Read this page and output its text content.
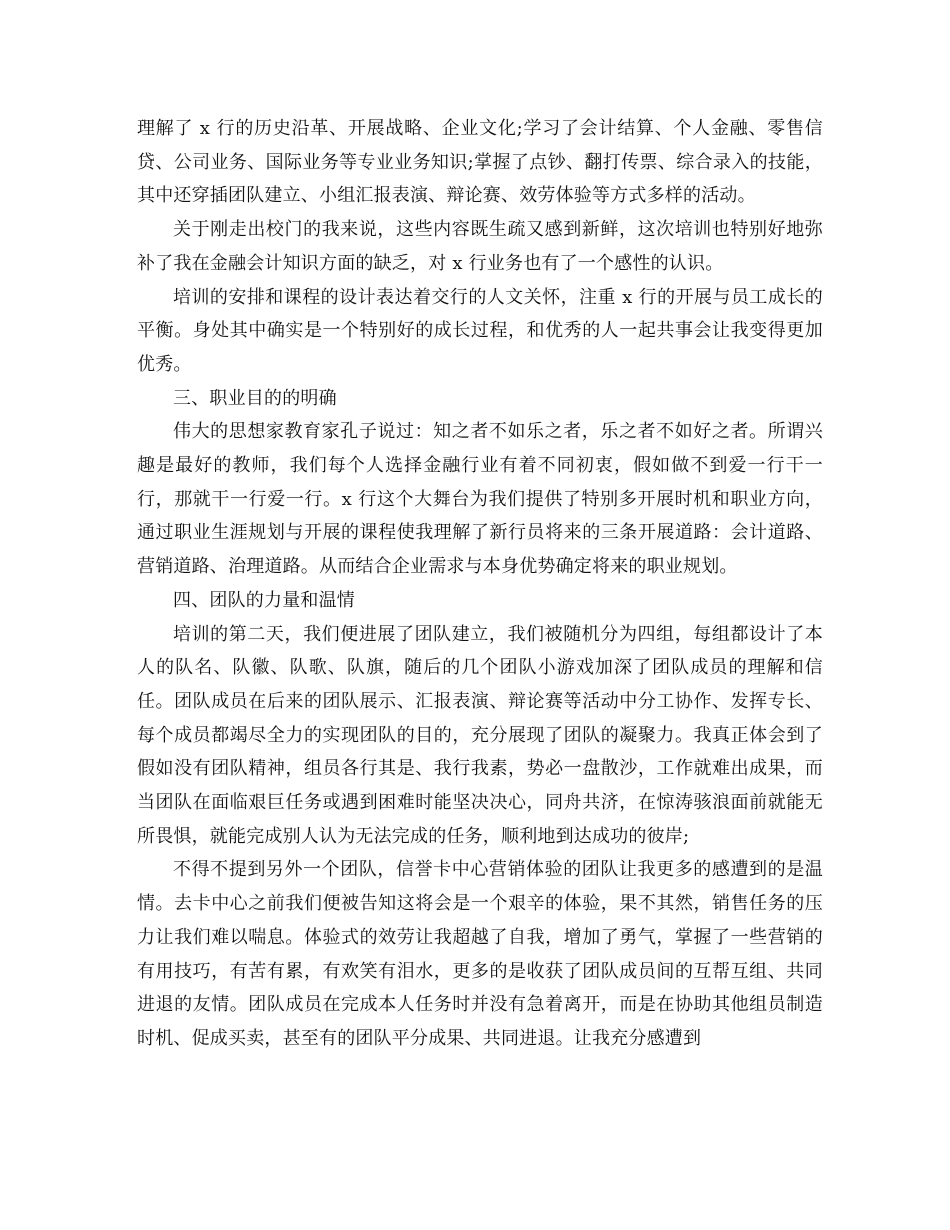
理解了 x 行的历史沿革、开展战略、企业文化;学习了会计结算、个人金融、零售信贷、公司业务、国际业务等专业业务知识;掌握了点钞、翻打传票、综合录入的技能，其中还穿插团队建立、小组汇报表演、辩论赛、效劳体验等方式多样的活动。

关于刚走出校门的我来说，这些内容既生疏又感到新鲜，这次培训也特别好地弥补了我在金融会计知识方面的缺乏，对 x 行业务也有了一个感性的认识。

培训的安排和课程的设计表达着交行的人文关怀，注重 x 行的开展与员工成长的平衡。身处其中确实是一个特别好的成长过程，和优秀的人一起共事会让我变得更加优秀。

三、职业目的的明确

伟大的思想家教育家孔子说过：知之者不如乐之者，乐之者不如好之者。所谓兴趣是最好的教师，我们每个人选择金融行业有着不同初衷，假如做不到爱一行干一行，那就干一行爱一行。x 行这个大舞台为我们提供了特别多开展时机和职业方向，通过职业生涯规划与开展的课程使我理解了新行员将来的三条开展道路：会计道路、营销道路、治理道路。从而结合企业需求与本身优势确定将来的职业规划。

四、团队的力量和温情

培训的第二天，我们便进展了团队建立，我们被随机分为四组，每组都设计了本人的队名、队徽、队歌、队旗，随后的几个团队小游戏加深了团队成员的理解和信任。团队成员在后来的团队展示、汇报表演、辩论赛等活动中分工协作、发挥专长、每个成员都竭尽全力的实现团队的目的，充分展现了团队的凝聚力。我真正体会到了假如没有团队精神，组员各行其是、我行我素，势必一盘散沙，工作就难出成果，而当团队在面临艰巨任务或遇到困难时能坚决决心，同舟共济，在惊涛骇浪面前就能无所畏惧，就能完成别人认为无法完成的任务，顺利地到达成功的彼岸;

不得不提到另外一个团队，信誉卡中心营销体验的团队让我更多的感遭到的是温情。去卡中心之前我们便被告知这将会是一个艰辛的体验，果不其然，销售任务的压力让我们难以喘息。体验式的效劳让我超越了自我，增加了勇气，掌握了一些营销的有用技巧，有苦有累，有欢笑有泪水，更多的是收获了团队成员间的互帮互组、共同进退的友情。团队成员在完成本人任务时并没有急着离开，而是在协助其他组员制造时机、促成买卖，甚至有的团队平分成果、共同进退。让我充分感遭到
